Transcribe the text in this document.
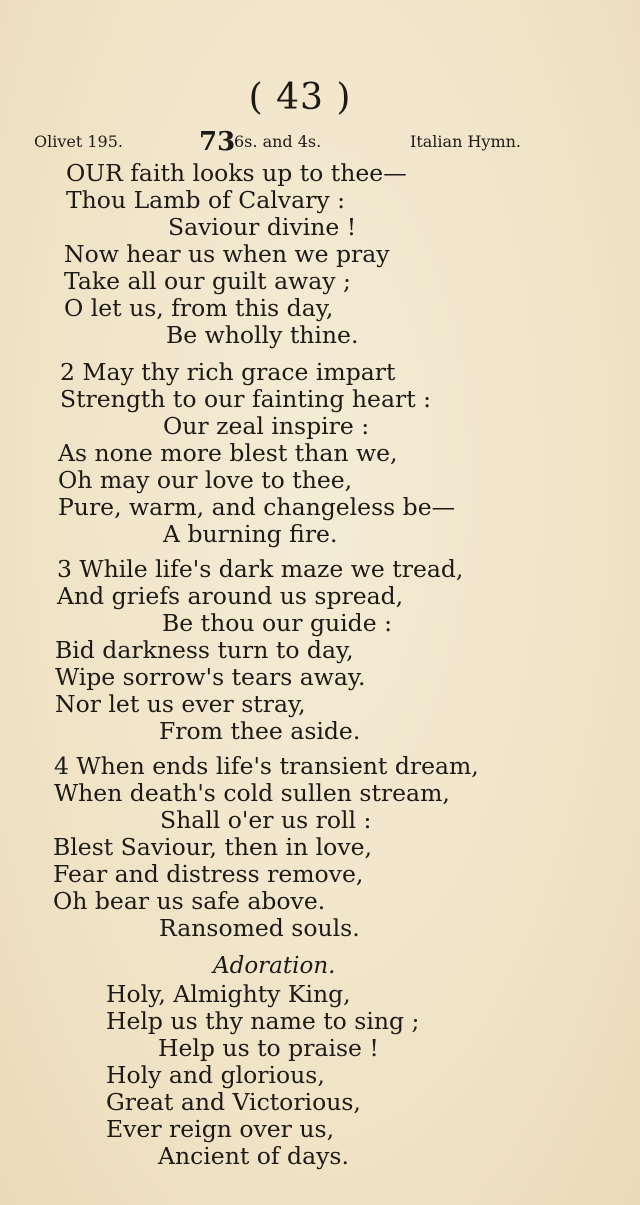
( 43 )
Olivet 195.	73
6s. and 4s.	Italian Hymn.
OUR faith looks up to thee—
Thou Lamb of Calvary :
Saviour divine !
Now hear us when we pray
Take all our guilt away ;
O let us, from this day,
Be wholly thine.
2 May thy rich grace impart
Strength to our fainting heart :
Our zeal inspire :
As none more blest than we,
Oh may our love to thee,
Pure, warm, and changeless be—
A burning fire.
3 While life's dark maze we tread,
And griefs around us spread,
Be thou our guide :
Bid darkness turn to day,
Wipe sorrow's tears away.
Nor let us ever stray,
From thee aside.
4 When ends life's transient dream,
When death's cold sullen stream,
Shall o'er us roll :
Blest Saviour, then in love,
Fear and distress remove,
Oh bear us safe above.
Ransomed souls.
Adoration.
Holy, Almighty King,
Help us thy name to sing ;
Help us to praise !
Holy and glorious,
Great and Victorious,
Ever reign over us,
Ancient of days.
